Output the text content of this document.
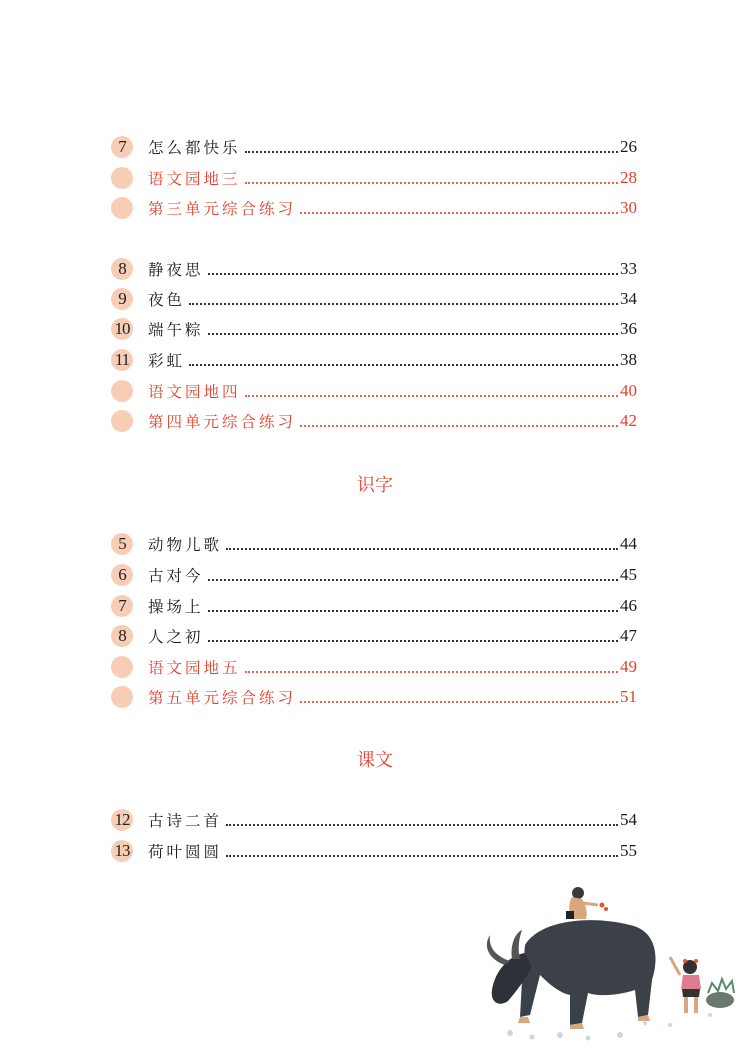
7	怎么都快乐	26
语文园地三	28
第三单元综合练习	30
8	静夜思	33
9	夜色	34
10 端午粽	36
11 彩虹	38
语文园地四	40
第四单元综合练习	42
识字
5	动物儿歌	44
6	古对今	45
7	操场上	46
8	人之初	47
语文园地五	49
第五单元综合练习	51
课文
12 古诗二首	54
13 荷叶圆圆	55
